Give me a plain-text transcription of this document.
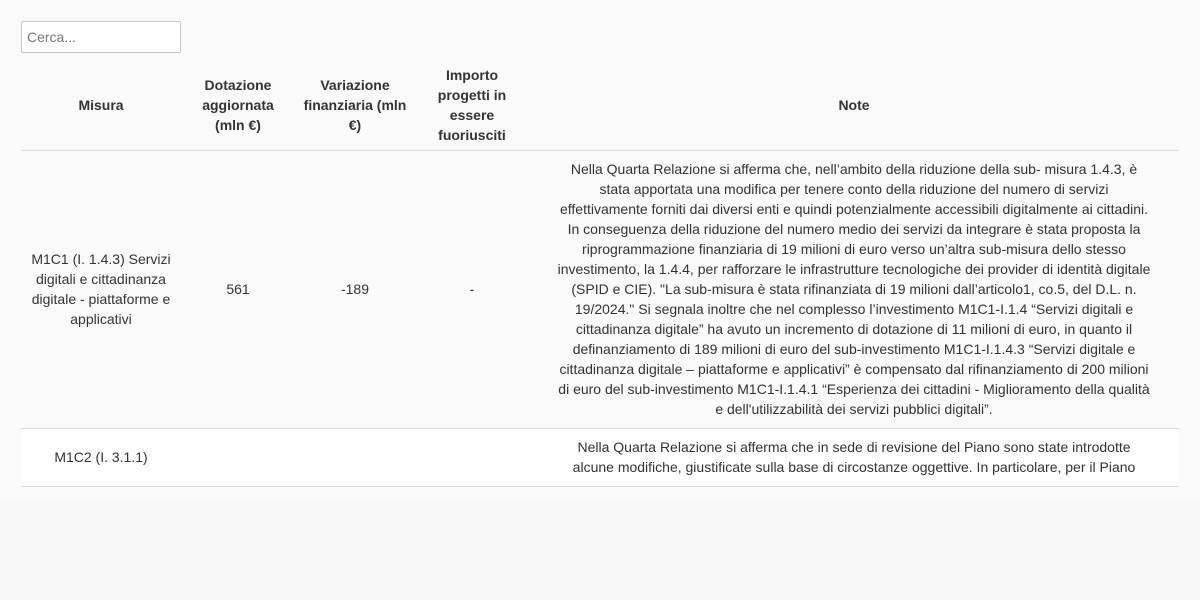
Cerca...
Misura	Dotazione aggiornata (mln €)	Variazione finanziaria (mln €)	Importo progetti in essere fuoriusciti	Note
M1C1 (I. 1.4.3) Servizi digitali e cittadinanza digitale - piattaforme e applicativi	561	-189	-	Nella Quarta Relazione si afferma che, nell’ambito della riduzione della sub- misura 1.4.3, è stata apportata una modifica per tenere conto della riduzione del numero di servizi effettivamente forniti dai diversi enti e quindi potenzialmente accessibili digitalmente ai cittadini. In conseguenza della riduzione del numero medio dei servizi da integrare è stata proposta la riprogrammazione finanziaria di 19 milioni di euro verso un’altra sub-misura dello stesso investimento, la 1.4.4, per rafforzare le infrastrutture tecnologiche dei provider di identità digitale (SPID e CIE). "La sub-misura è stata rifinanziata di 19 milioni dall’articolo1, co.5, del D.L. n. 19/2024." Si segnala inoltre che nel complesso l’investimento M1C1-I.1.4 “Servizi digitali e cittadinanza digitale” ha avuto un incremento di dotazione di 11 milioni di euro, in quanto il definanziamento di 189 milioni di euro del sub-investimento M1C1-I.1.4.3 “Servizi digitale e cittadinanza digitale – piattaforme e applicativi” è compensato dal rifinanziamento di 200 milioni di euro del sub-investimento M1C1-I.1.4.1 “Esperienza dei cittadini - Miglioramento della qualità e dell'utilizzabilità dei servizi pubblici digitali”.
M1C2 (I. 3.1.1)				Nella Quarta Relazione si afferma che in sede di revisione del Piano sono state introdotte alcune modifiche, giustificate sulla base di circostanze oggettive. In particolare, per il Piano
